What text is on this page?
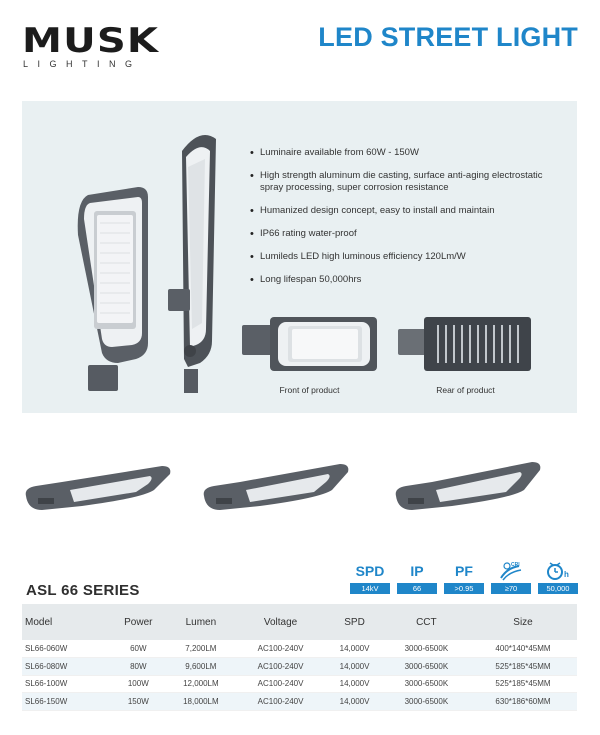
MUSK
LIGHTING
LED STREET LIGHT
• Luminaire available from 60W - 150W
• High strength aluminum die casting, surface anti-aging electrostatic spray processing, super corrosion resistance
• Humanized design concept, easy to install and maintain
• IP66 rating water-proof
• Lumileds LED high luminous efficiency 120Lm/W
• Long lifespan 50,000hrs
Front of product	Rear of product
ASL 66 SERIES
SPD
14kV
IP
66
PF
>0.95
CRI
≥70
h
50,000
Model	Power	Lumen	Voltage	SPD	CCT	Size
SL66-060W	60W	7,200LM	AC100-240V	14,000V	3000-6500K	400*140*45MM
SL66-080W	80W	9,600LM	AC100-240V	14,000V	3000-6500K	525*185*45MM
SL66-100W	100W	12,000LM	AC100-240V	14,000V	3000-6500K	525*185*45MM
SL66-150W	150W	18,000LM	AC100-240V	14,000V	3000-6500K	630*186*60MM
